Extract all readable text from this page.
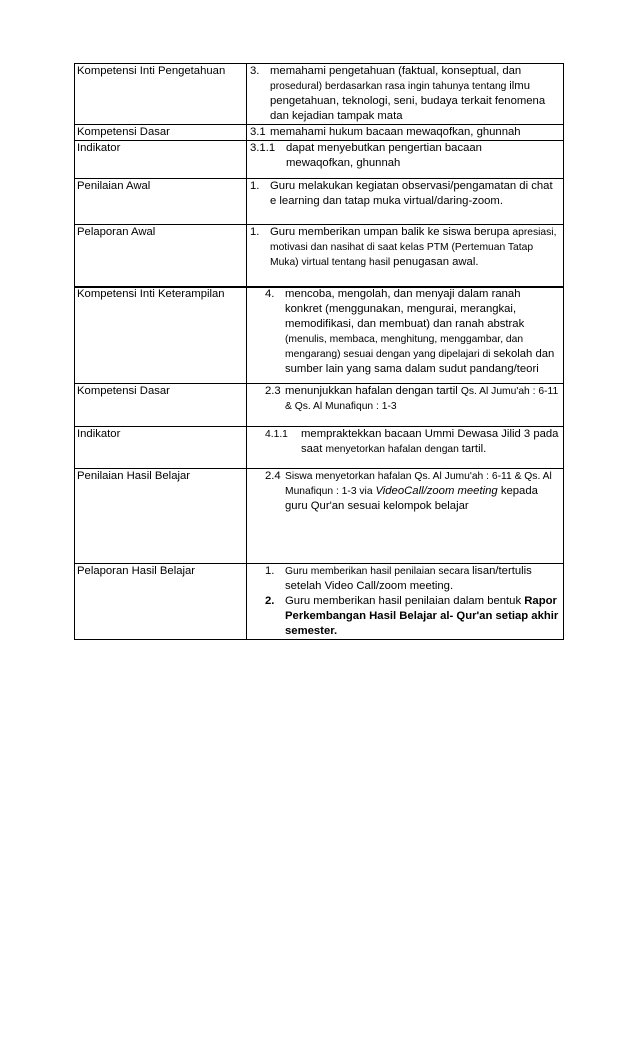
Kompetensi Inti Pengetahuan	3. memahami pengetahuan (faktual, konseptual, dan prosedural) berdasarkan rasa ingin tahunya tentang ilmu pengetahuan, teknologi, seni, budaya terkait fenomena dan kejadian tampak mata

Kompetensi Dasar	3.1 memahami hukum bacaan mewaqofkan, ghunnah

Indikator	3.1.1 dapat menyebutkan pengertian bacaan
mewaqofkan, ghunnah

Penilaian Awal	1. Guru melakukan kegiatan observasi/pengamatan di chat e learning dan tatap muka virtual/daring-zoom.

Pelaporan Awal	1. Guru memberikan umpan balik ke siswa berupa apresiasi, motivasi dan nasihat di saat kelas PTM (Pertemuan Tatap Muka) virtual tentang hasil penugasan awal.
Kompetensi Inti Keterampilan	4. mencoba, mengolah, dan menyaji dalam ranah konkret (menggunakan, mengurai, merangkai, memodifikasi, dan membuat) dan ranah abstrak (menulis, membaca, menghitung, menggambar, dan mengarang) sesuai dengan yang dipelajari di sekolah dan sumber lain yang sama dalam sudut pandang/teori

Kompetensi Dasar	2.3 menunjukkan hafalan dengan tartil Qs. Al Jumu'ah : 6-11 & Qs. Al Munafiqun : 1-3

Indikator	4.1.1 mempraktekkan bacaan Ummi Dewasa Jilid 3 pada saat menyetorkan hafalan dengan tartil.

Penilaian Hasil Belajar	2.4 Siswa menyetorkan hafalan Qs. Al Jumu'ah : 6-11 & Qs. Al Munafiqun : 1-3 via VideoCall/zoom meeting kepada guru Qur'an sesuai kelompok belajar

Pelaporan Hasil Belajar	1. Guru memberikan hasil penilaian secara lisan/tertulis setelah Video Call/zoom meeting.
2. Guru memberikan hasil penilaian dalam bentuk Rapor Perkembangan Hasil Belajar al- Qur'an setiap akhir semester.
